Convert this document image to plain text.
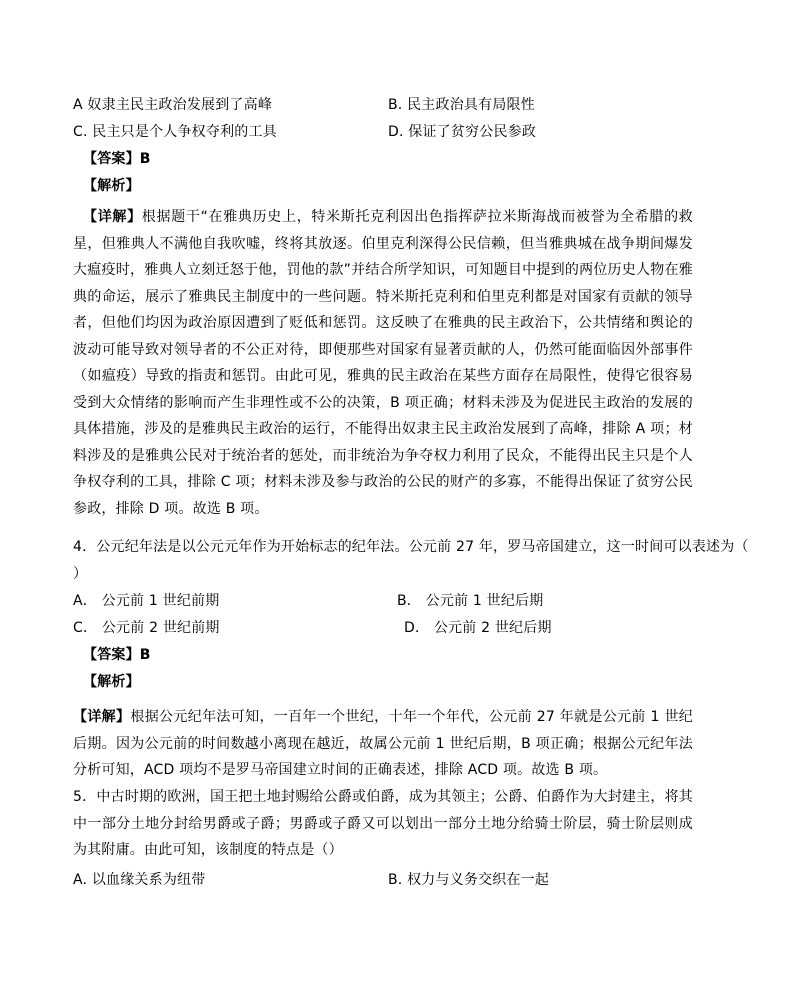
A 奴隶主民主政治发展到了高峰	B. 民主政治具有局限性
C. 民主只是个人争权夺利的工具	D. 保证了贫穷公民参政
【答案】B
【解析】
【详解】根据题干“在雅典历史上，特米斯托克利因出色指挥萨拉米斯海战而被誉为全希腊的救星，但雅典人不满他自我吹嘘，终将其放逐。伯里克利深得公民信赖，但当雅典城在战争期间爆发大瘟疫时，雅典人立刻迁怒于他，罚他的款”并结合所学知识，可知题目中提到的两位历史人物在雅典的命运，展示了雅典民主制度中的一些问题。特米斯托克利和伯里克利都是对国家有贡献的领导者，但他们均因为政治原因遭到了贬低和惩罚。这反映了在雅典的民主政治下，公共情绪和舆论的波动可能导致对领导者的不公正对待，即便那些对国家有显著贡献的人，仍然可能面临因外部事件（如瘟疫）导致的指责和惩罚。由此可见，雅典的民主政治在某些方面存在局限性，使得它很容易受到大众情绪的影响而产生非理性或不公的决策，B 项正确；材料未涉及为促进民主政治的发展的具体措施，涉及的是雅典民主政治的运行，不能得出奴隶主民主政治发展到了高峰，排除 A 项；材料涉及的是雅典公民对于统治者的惩处，而非统治为争夺权力利用了民众，不能得出民主只是个人争权夺利的工具，排除 C 项；材料未涉及参与政治的公民的财产的多寡，不能得出保证了贫穷公民参政，排除 D 项。故选 B 项。
4．公元纪年法是以公元元年作为开始标志的纪年法。公元前 27 年，罗马帝国建立，这一时间可以表述为（
）
A． 公元前 1 世纪前期	B． 公元前 1 世纪后期
C． 公元前 2 世纪前期	D． 公元前 2 世纪后期
【答案】B
【解析】
【详解】根据公元纪年法可知，一百年一个世纪，十年一个年代，公元前 27 年就是公元前 1 世纪后期。因为公元前的时间数越小离现在越近，故属公元前 1 世纪后期，B 项正确；根据公元纪年法分析可知，ACD 项均不是罗马帝国建立时间的正确表述，排除 ACD 项。故选 B 项。
5．中古时期的欧洲，国王把土地封赐给公爵或伯爵，成为其领主；公爵、伯爵作为大封建主，将其中一部分土地分封给男爵或子爵；男爵或子爵又可以划出一部分土地分给骑士阶层，骑士阶层则成为其附庸。由此可知，该制度的特点是（）
A. 以血缘关系为纽带	B. 权力与义务交织在一起
